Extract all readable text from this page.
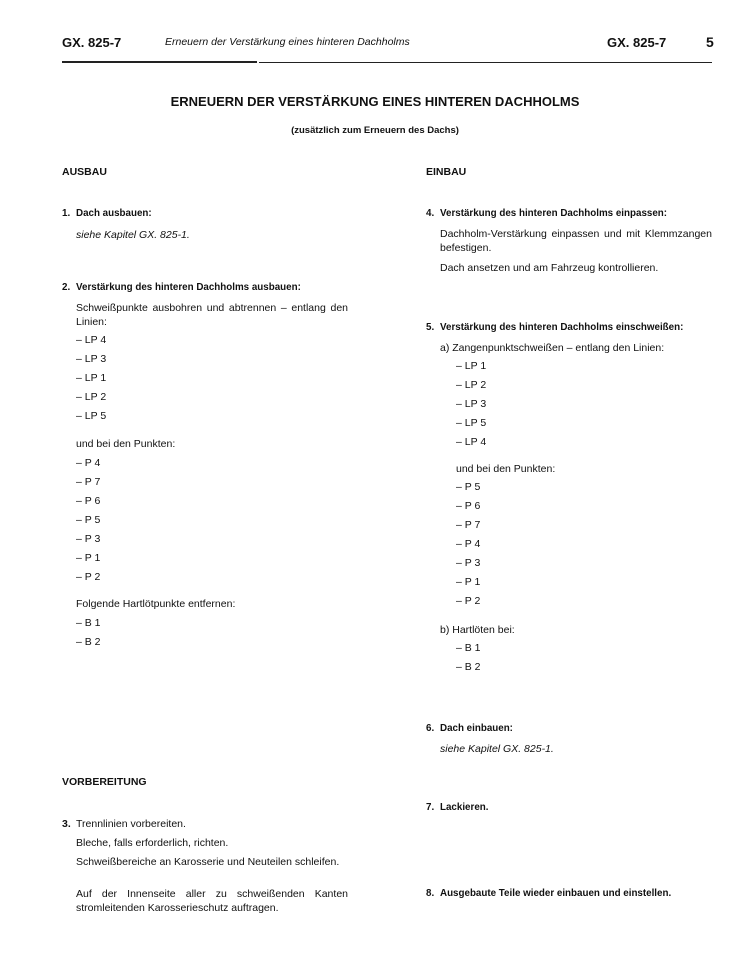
GX. 825-7	Erneuern der Verstärkung eines hinteren Dachholms	GX. 825-7	5
ERNEUERN DER VERSTÄRKUNG EINES HINTEREN DACHHOLMS
(zusätzlich zum Erneuern des Dachs)
AUSBAU
1. Dach ausbauen:
siehe Kapitel GX. 825-1.
2. Verstärkung des hinteren Dachholms ausbauen:
Schweißpunkte ausbohren und abtrennen – entlang den Linien:
– LP 4
– LP 3
– LP 1
– LP 2
– LP 5
und bei den Punkten:
– P 4
– P 7
– P 6
– P 5
– P 3
– P 1
– P 2
Folgende Hartlötpunkte entfernen:
– B 1
– B 2
VORBEREITUNG
3. Trennlinien vorbereiten.
Bleche, falls erforderlich, richten.
Schweißbereiche an Karosserie und Neuteilen schleifen.
Auf der Innenseite aller zu schweißenden Kanten stromleitenden Karosserieschutz auftragen.
EINBAU
4. Verstärkung des hinteren Dachholms einpassen:
Dachholm-Verstärkung einpassen und mit Klemmzangen befestigen.
Dach ansetzen und am Fahrzeug kontrollieren.
5. Verstärkung des hinteren Dachholms einschweißen:
a) Zangenpunktschweißen – entlang den Linien:
– LP 1
– LP 2
– LP 3
– LP 5
– LP 4
und bei den Punkten:
– P 5
– P 6
– P 7
– P 4
– P 3
– P 1
– P 2
b) Hartlöten bei:
– B 1
– B 2
6. Dach einbauen:
siehe Kapitel GX. 825-1.
7. Lackieren.
8. Ausgebaute Teile wieder einbauen und einstellen.
